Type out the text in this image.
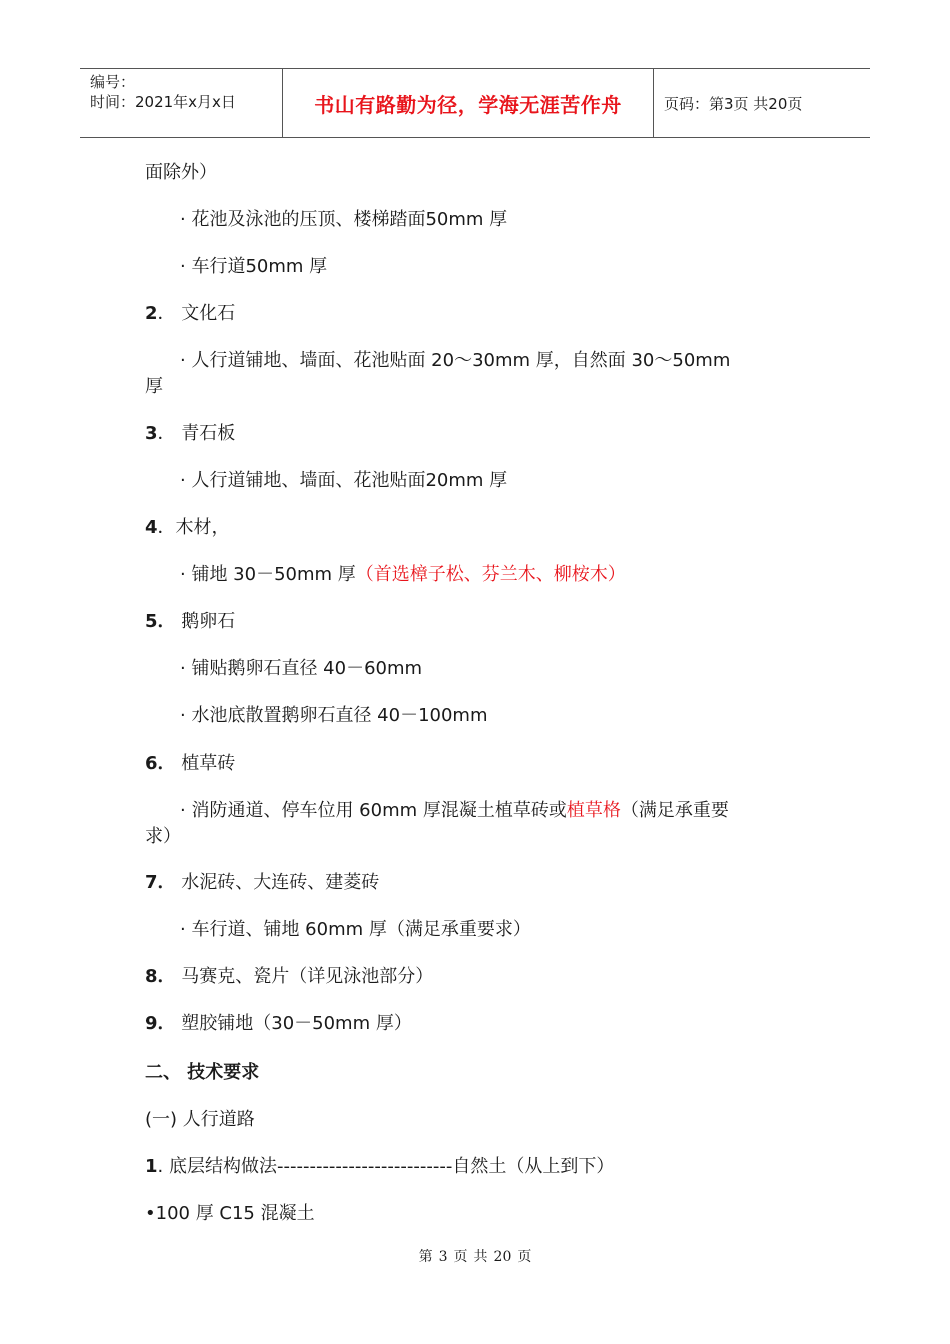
编号：
时间：2021年x月x日	书山有路勤为径，学海无涯苦作舟	页码：第3页 共20页
面除外）
· 花池及泳池的压顶、楼梯踏面50mm 厚
· 车行道50mm 厚
2． 文化石
· 人行道铺地、墙面、花池贴面 20～30mm 厚，自然面 30～50mm
厚
3． 青石板
· 人行道铺地、墙面、花池贴面20mm 厚
4．木材，
· 铺地 30－50mm 厚（首选樟子松、芬兰木、柳桉木）
5． 鹅卵石
· 铺贴鹅卵石直径 40－60mm
· 水池底散置鹅卵石直径 40－100mm
6． 植草砖
· 消防通道、停车位用 60mm 厚混凝土植草砖或植草格（满足承重要
求）
7． 水泥砖、大连砖、建菱砖
· 车行道、铺地 60mm 厚（满足承重要求）
8． 马赛克、瓷片（详见泳池部分）
9． 塑胶铺地（30－50mm 厚）
二、 技术要求
(一) 人行道路
1. 底层结构做法---------------------------自然土（从上到下）
•100 厚 C15 混凝土
第 3 页 共 20 页
